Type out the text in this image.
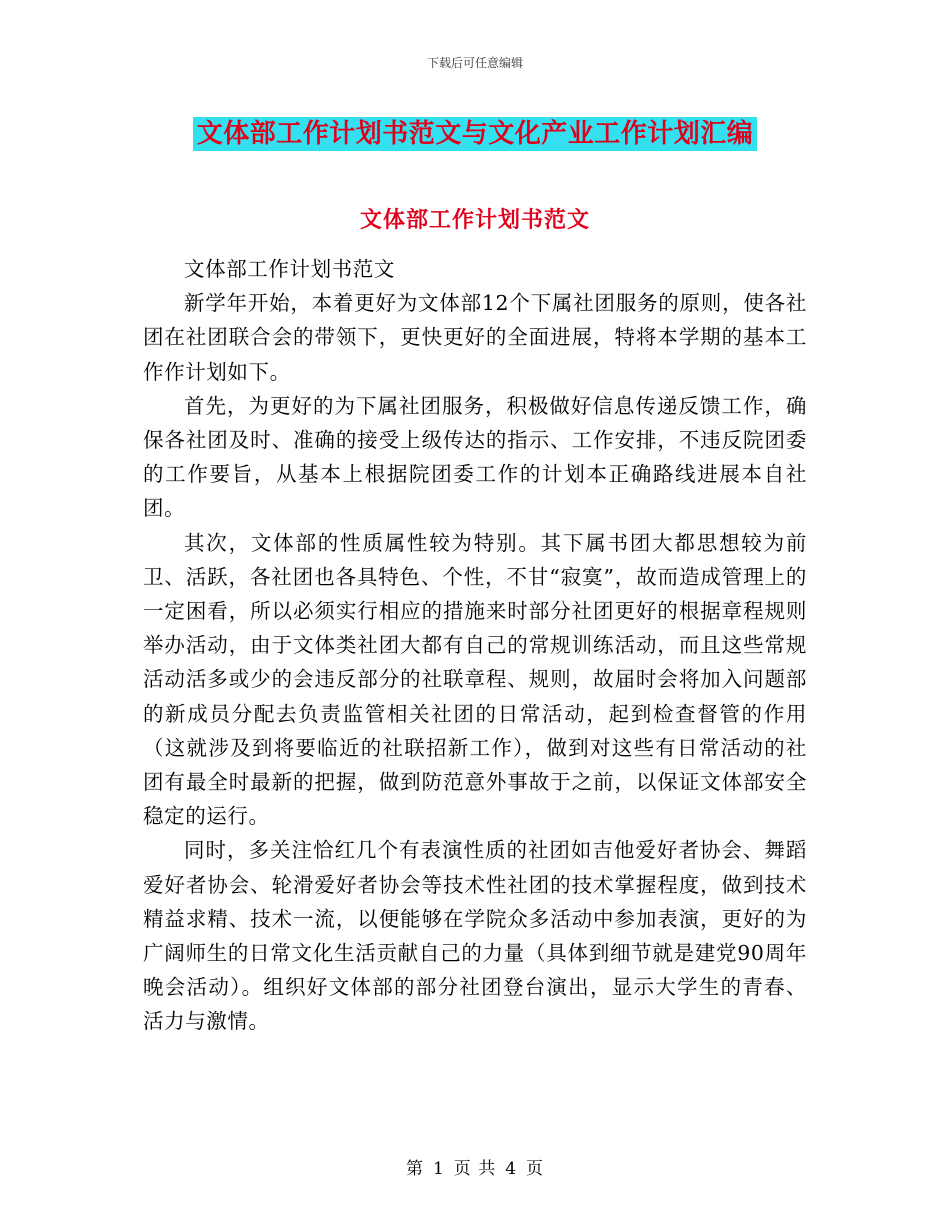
下载后可任意编辑
文体部工作计划书范文与文化产业工作计划汇编
文体部工作计划书范文

文体部工作计划书范文

新学年开始，本着更好为文体部12个下属社团服务的原则，使各社团在社团联合会的带领下，更快更好的全面进展，特将本学期的基本工作作计划如下。

首先，为更好的为下属社团服务，积极做好信息传递反馈工作，确保各社团及时、准确的接受上级传达的指示、工作安排，不违反院团委的工作要旨，从基本上根据院团委工作的计划本正确路线进展本自社团。

其次，文体部的性质属性较为特别。其下属书团大都思想较为前卫、活跃，各社团也各具特色、个性，不甘“寂寞”，故而造成管理上的一定困看，所以必须实行相应的措施来时部分社团更好的根据章程规则举办活动，由于文体类社团大都有自己的常规训练活动，而且这些常规活动活多或少的会违反部分的社联章程、规则，故届时会将加入问题部的新成员分配去负责监管相关社团的日常活动，起到检查督管的作用（这就涉及到将要临近的社联招新工作），做到对这些有日常活动的社团有最全时最新的把握，做到防范意外事故于之前，以保证文体部安全稳定的运行。

同时，多关注恰红几个有表演性质的社团如吉他爱好者协会、舞蹈爱好者协会、轮滑爱好者协会等技术性社团的技术掌握程度，做到技术精益求精、技术一流，以便能够在学院众多活动中参加表演，更好的为广阔师生的日常文化生活贡献自己的力量（具体到细节就是建党90周年晚会活动）。组织好文体部的部分社团登台演出，显示大学生的青春、活力与激情。

第 1 页 共 4 页
